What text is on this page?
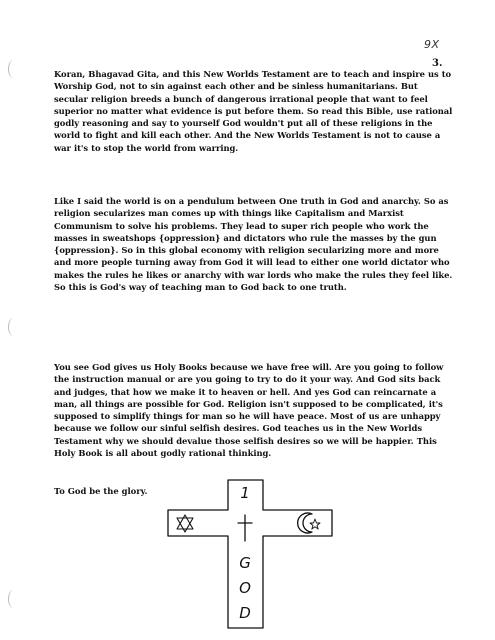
9X
3.

Koran, Bhagavad Gita, and this New Worlds Testament are to teach and inspire us to Worship God, not to sin against each other and be sinless humanitarians. But secular religion breeds a bunch of dangerous irrational people that want to feel superior no matter what evidence is put before them. So read this Bible, use rational godly reasoning and say to yourself God wouldn't put all of these religions in the world to fight and kill each other. And the New Worlds Testament is not to cause a war it's to stop the world from warring.

Like I said the world is on a pendulum between One truth in God and anarchy. So as religion secularizes man comes up with things like Capitalism and Marxist Communism to solve his problems. They lead to super rich people who work the masses in sweatshops {oppression} and dictators who rule the masses by the gun {oppression}. So in this global economy with religion secularizing more and more and more people turning away from God it will lead to either one world dictator who makes the rules he likes or anarchy with war lords who make the rules they feel like. So this is God's way of teaching man to God back to one truth.

You see God gives us Holy Books because we have free will. Are you going to follow the instruction manual or are you going to try to do it your way. And God sits back and judges, that how we make it to heaven or hell. And yes God can reincarnate a man, all things are possible for God. Religion isn't supposed to be complicated, it's supposed to simplify things for man so he will have peace. Most of us are unhappy because we follow our sinful selfish desires. God teaches us in the New Worlds Testament why we should devalue those selfish desires so we will be happier. This Holy Book is all about godly rational thinking.

To God be the glory.	1
G
O
D
